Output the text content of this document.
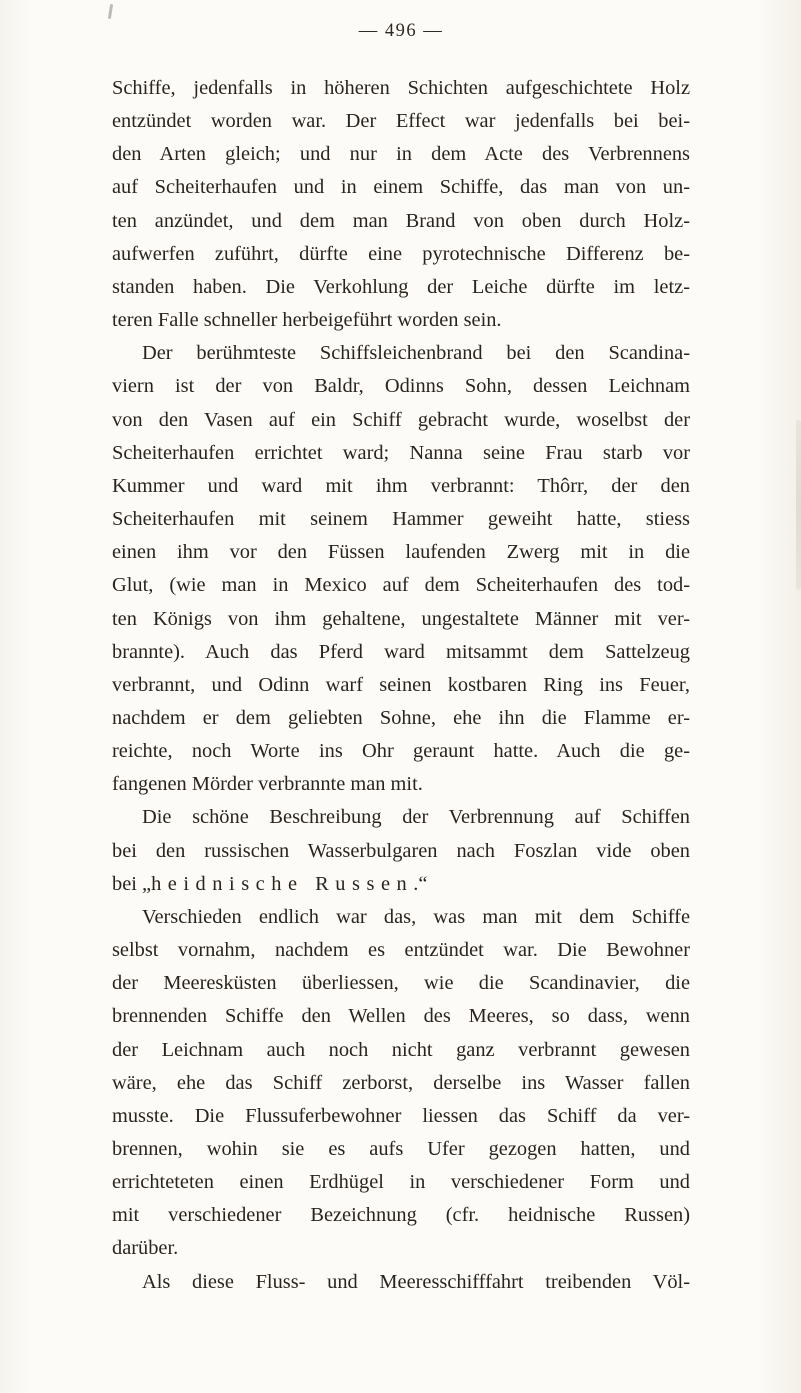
— 496 —
Schiffe, jedenfalls in höheren Schichten aufgeschichtete Holz
entzündet worden war. Der Effect war jedenfalls bei bei-
den Arten gleich; und nur in dem Acte des Verbrennens
auf Scheiterhaufen und in einem Schiffe, das man von un-
ten anzündet, und dem man Brand von oben durch Holz-
aufwerfen zuführt, dürfte eine pyrotechnische Differenz be-
standen haben. Die Verkohlung der Leiche dürfte im letz-
teren Falle schneller herbeigeführt worden sein.
Der berühmteste Schiffsleichenbrand bei den Scandina-
viern ist der von Baldr, Odinns Sohn, dessen Leichnam
von den Vasen auf ein Schiff gebracht wurde, woselbst der
Scheiterhaufen errichtet ward; Nanna seine Frau starb vor
Kummer und ward mit ihm verbrannt: Thôrr, der den
Scheiterhaufen mit seinem Hammer geweiht hatte, stiess
einen ihm vor den Füssen laufenden Zwerg mit in die
Glut, (wie man in Mexico auf dem Scheiterhaufen des tod-
ten Königs von ihm gehaltene, ungestaltete Männer mit ver-
brannte). Auch das Pferd ward mitsammt dem Sattelzeug
verbrannt, und Odinn warf seinen kostbaren Ring ins Feuer,
nachdem er dem geliebten Sohne, ehe ihn die Flamme er-
reichte, noch Worte ins Ohr geraunt hatte. Auch die ge-
fangenen Mörder verbrannte man mit.
Die schöne Beschreibung der Verbrennung auf Schiffen
bei den russischen Wasserbulgaren nach Foszlan vide oben
bei „heidnische Russen.“
Verschieden endlich war das, was man mit dem Schiffe
selbst vornahm, nachdem es entzündet war. Die Bewohner
der Meeresküsten überliessen, wie die Scandinavier, die
brennenden Schiffe den Wellen des Meeres, so dass, wenn
der Leichnam auch noch nicht ganz verbrannt gewesen
wäre, ehe das Schiff zerborst, derselbe ins Wasser fallen
musste. Die Flussuferbewohner liessen das Schiff da ver-
brennen, wohin sie es aufs Ufer gezogen hatten, und
errichteteten einen Erdhügel in verschiedener Form und
mit verschiedener Bezeichnung (cfr. heidnische Russen)
darüber.
Als diese Fluss- und Meeresschifffahrt treibenden Völ-
